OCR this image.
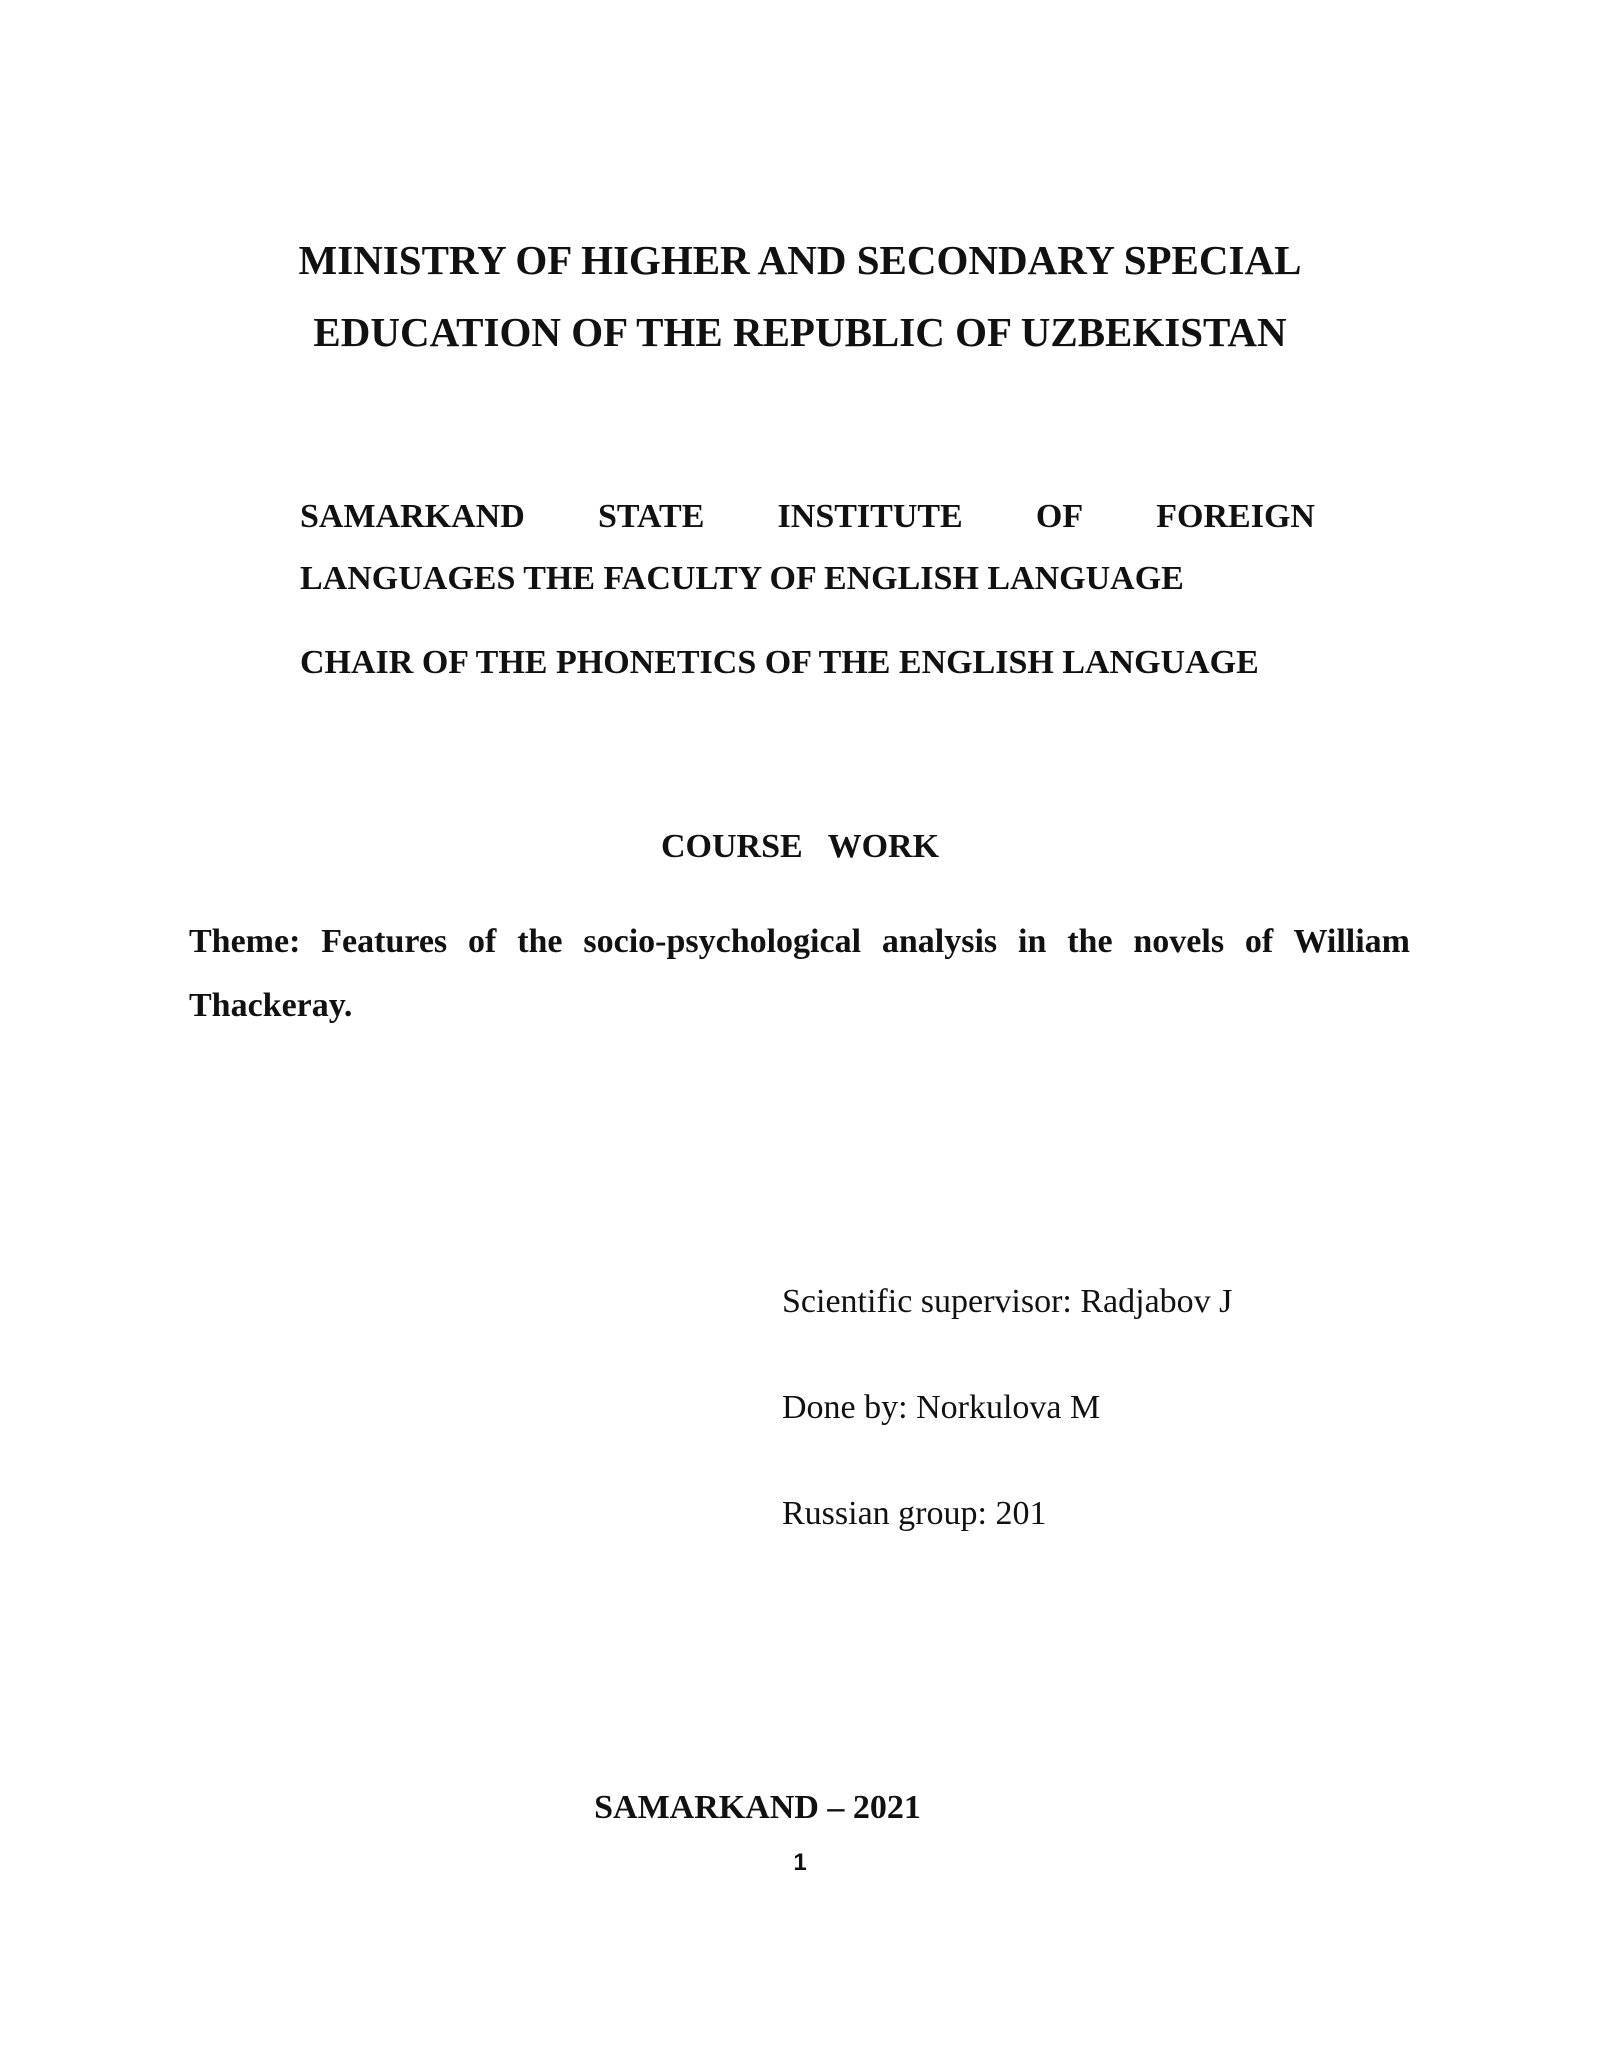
MINISTRY OF HIGHER AND SECONDARY SPECIAL
EDUCATION OF THE REPUBLIC OF UZBEKISTAN
SAMARKAND STATE INSTITUTE OF FOREIGN
LANGUAGES THE FACULTY OF ENGLISH LANGUAGE
CHAIR OF THE PHONETICS OF THE ENGLISH LANGUAGE
COURSE   WORK
Theme: Features of the socio-psychological analysis in the novels of William Thackeray.
Scientific supervisor: Radjabov J
Done by: Norkulova M
Russian group: 201
SAMARKAND – 2021
1
